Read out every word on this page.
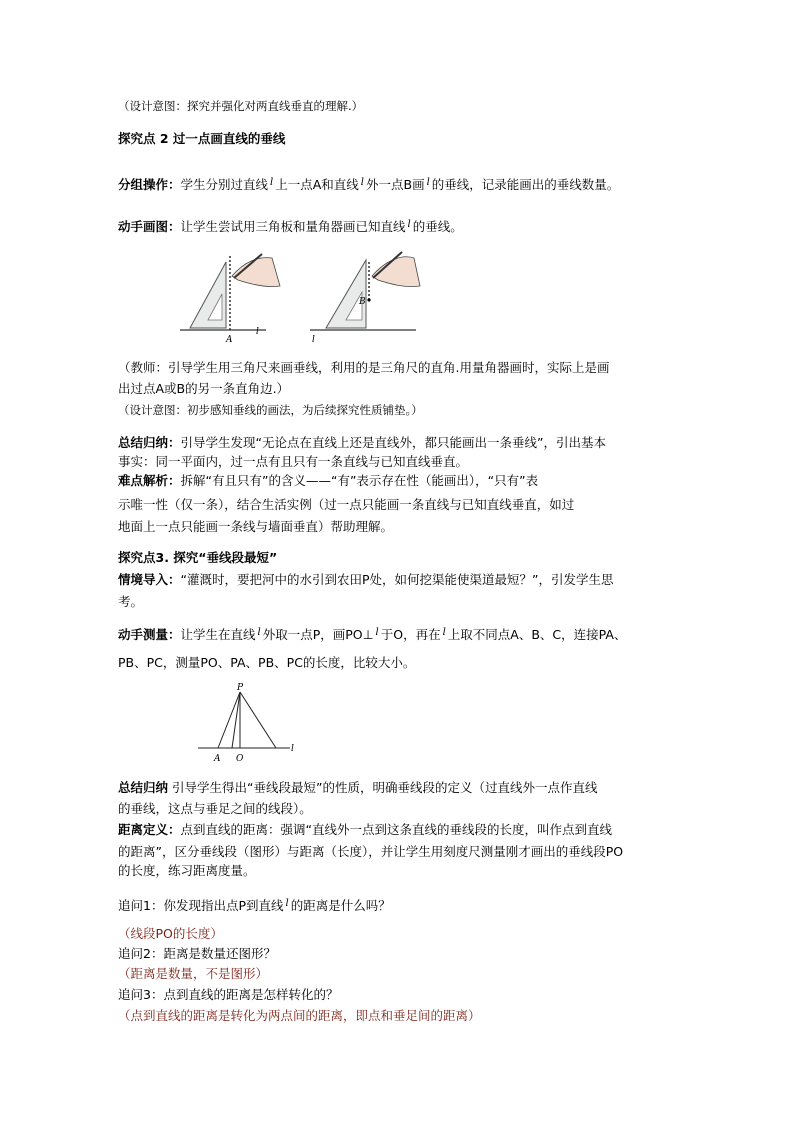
（设计意图：探究并强化对两直线垂直的理解.）

探究点 2 过一点画直线的垂线

分组操作：学生分别过直线 $^l$ 上一点A和直线 $^l$ 外一点B画 $^l$ 的垂线，记录能画出的垂线数量。

动手画图：让学生尝试用三角板和量角器画已知直线 $^l$ 的垂线。

A
l
B
l

（教师：引导学生用三角尺来画垂线，利用的是三角尺的直角.用量角器画时，实际上是画

出过点A或B的另一条直角边.）

（设计意图：初步感知垂线的画法，为后续探究性质铺垫。）

总结归纳：引导学生发现“无论点在直线上还是直线外，都只能画出一条垂线”，引出基本

事实：同一平面内，过一点有且只有一条直线与已知直线垂直。

难点解析：拆解“有且只有”的含义——“有”表示存在性（能画出），“只有”表

示唯一性（仅一条），结合生活实例（过一点只能画一条直线与已知直线垂直，如过

地面上一点只能画一条线与墙面垂直）帮助理解。

探究点3. 探究“垂线段最短”

情境导入：“灌溉时，要把河中的水引到农田P处，如何挖渠能使渠道最短？”，引发学生思

考。

动手测量：让学生在直线 $^l$ 外取一点P，画PO⊥ $^l$ 于O，再在 $^l$ 上取不同点A、B、C，连接PA、

PB、PC，测量PO、PA、PB、PC的长度，比较大小。

P
A O
l

总结归纳 引导学生得出“垂线段最短”的性质，明确垂线段的定义（过直线外一点作直线

的垂线，这点与垂足之间的线段）。

距离定义：点到直线的距离：强调“直线外一点到这条直线的垂线段的长度，叫作点到直线

的距离”，区分垂线段（图形）与距离（长度），并让学生用刻度尺测量刚才画出的垂线段PO

的长度，练习距离度量。

追问1：你发现指出点P到直线 $^l$ 的距离是什么吗？

（线段PO的长度）

追问2：距离是数量还图形？

（距离是数量，不是图形）

追问3：点到直线的距离是怎样转化的？

（点到直线的距离是转化为两点间的距离，即点和垂足间的距离）
